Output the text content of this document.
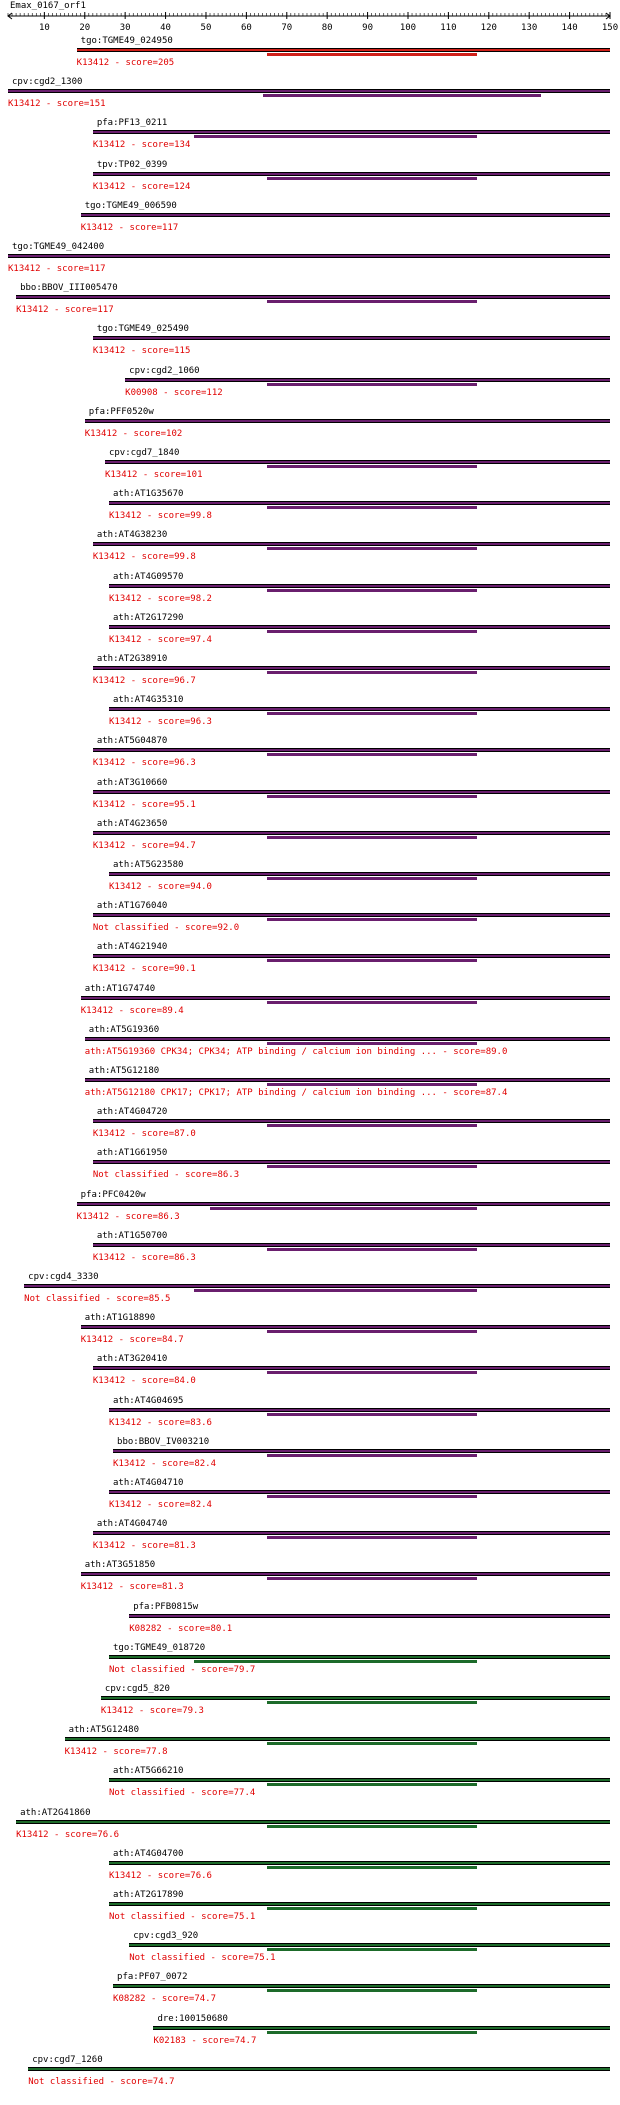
Emax_0167_orf1
10	20	30	40	50	60	70	80	90	100	110	120	130	140	150
tgo:TGME49_024950
K13412 - score=205
cpv:cgd2_1300
K13412 - score=151
pfa:PF13_0211
K13412 - score=134
tpv:TP02_0399
K13412 - score=124
tgo:TGME49_006590
K13412 - score=117
tgo:TGME49_042400
K13412 - score=117
bbo:BBOV_III005470
K13412 - score=117
tgo:TGME49_025490
K13412 - score=115
cpv:cgd2_1060
K00908 - score=112
pfa:PFF0520w
K13412 - score=102
cpv:cgd7_1840
K13412 - score=101
ath:AT1G35670
K13412 - score=99.8
ath:AT4G38230
K13412 - score=99.8
ath:AT4G09570
K13412 - score=98.2
ath:AT2G17290
K13412 - score=97.4
ath:AT2G38910
K13412 - score=96.7
ath:AT4G35310
K13412 - score=96.3
ath:AT5G04870
K13412 - score=96.3
ath:AT3G10660
K13412 - score=95.1
ath:AT4G23650
K13412 - score=94.7
ath:AT5G23580
K13412 - score=94.0
ath:AT1G76040
Not classified - score=92.0
ath:AT4G21940
K13412 - score=90.1
ath:AT1G74740
K13412 - score=89.4
ath:AT5G19360
ath:AT5G19360 CPK34; CPK34; ATP binding / calcium ion binding ... - score=89.0
ath:AT5G12180
ath:AT5G12180 CPK17; CPK17; ATP binding / calcium ion binding ... - score=87.4
ath:AT4G04720
K13412 - score=87.0
ath:AT1G61950
Not classified - score=86.3
pfa:PFC0420w
K13412 - score=86.3
ath:AT1G50700
K13412 - score=86.3
cpv:cgd4_3330
Not classified - score=85.5
ath:AT1G18890
K13412 - score=84.7
ath:AT3G20410
K13412 - score=84.0
ath:AT4G04695
K13412 - score=83.6
bbo:BBOV_IV003210
K13412 - score=82.4
ath:AT4G04710
K13412 - score=82.4
ath:AT4G04740
K13412 - score=81.3
ath:AT3G51850
K13412 - score=81.3
pfa:PFB0815w
K08282 - score=80.1
tgo:TGME49_018720
Not classified - score=79.7
cpv:cgd5_820
K13412 - score=79.3
ath:AT5G12480
K13412 - score=77.8
ath:AT5G66210
Not classified - score=77.4
ath:AT2G41860
K13412 - score=76.6
ath:AT4G04700
K13412 - score=76.6
ath:AT2G17890
Not classified - score=75.1
cpv:cgd3_920
Not classified - score=75.1
pfa:PF07_0072
K08282 - score=74.7
dre:100150680
K02183 - score=74.7
cpv:cgd7_1260
Not classified - score=74.7
